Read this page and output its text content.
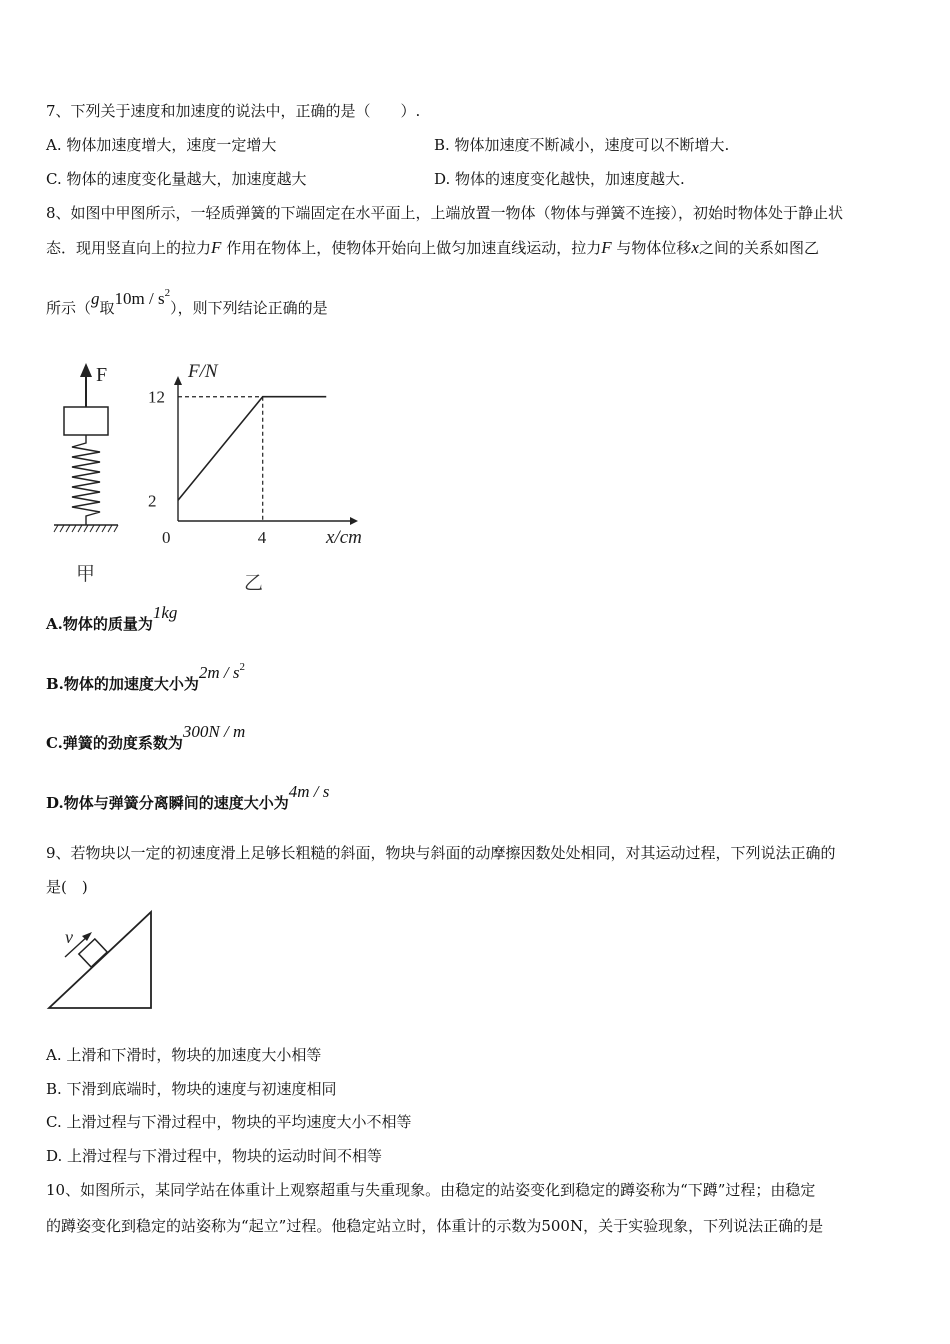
7、下列关于速度和加速度的说法中，正确的是（　　）.
A. 物体加速度增大，速度一定增大	B. 物体加速度不断减小，速度可以不断增大.
C. 物体的速度变化量越大，加速度越大	D. 物体的速度变化越快，加速度越大.
8、如图中甲图所示，一轻质弹簧的下端固定在水平面上，上端放置一物体（物体与弹簧不连接），初始时物体处于静止状
态．现用竖直向上的拉力F 作用在物体上，使物体开始向上做匀加速直线运动，拉力F 与物体位移x之间的关系如图乙
所示（g取$10m / s^2$），则下列结论正确的是
F
甲
F/N
x/cm
0
2
12
4
乙
A.物体的质量为1kg
B.物体的加速度大小为$2m / s^2$
C.弹簧的劲度系数为300N / m
D.物体与弹簧分离瞬间的速度大小为4m / s
9、若物块以一定的初速度滑上足够长粗糙的斜面，物块与斜面的动摩擦因数处处相同，对其运动过程，下列说法正确的
是(　)
v
A. 上滑和下滑时，物块的加速度大小相等
B. 下滑到底端时，物块的速度与初速度相同
C. 上滑过程与下滑过程中，物块的平均速度大小不相等
D. 上滑过程与下滑过程中，物块的运动时间不相等
10、如图所示，某同学站在体重计上观察超重与失重现象。由稳定的站姿变化到稳定的蹲姿称为“下蹲”过程；由稳定
的蹲姿变化到稳定的站姿称为“起立”过程。他稳定站立时，体重计的示数为500N，关于实验现象，下列说法正确的是
